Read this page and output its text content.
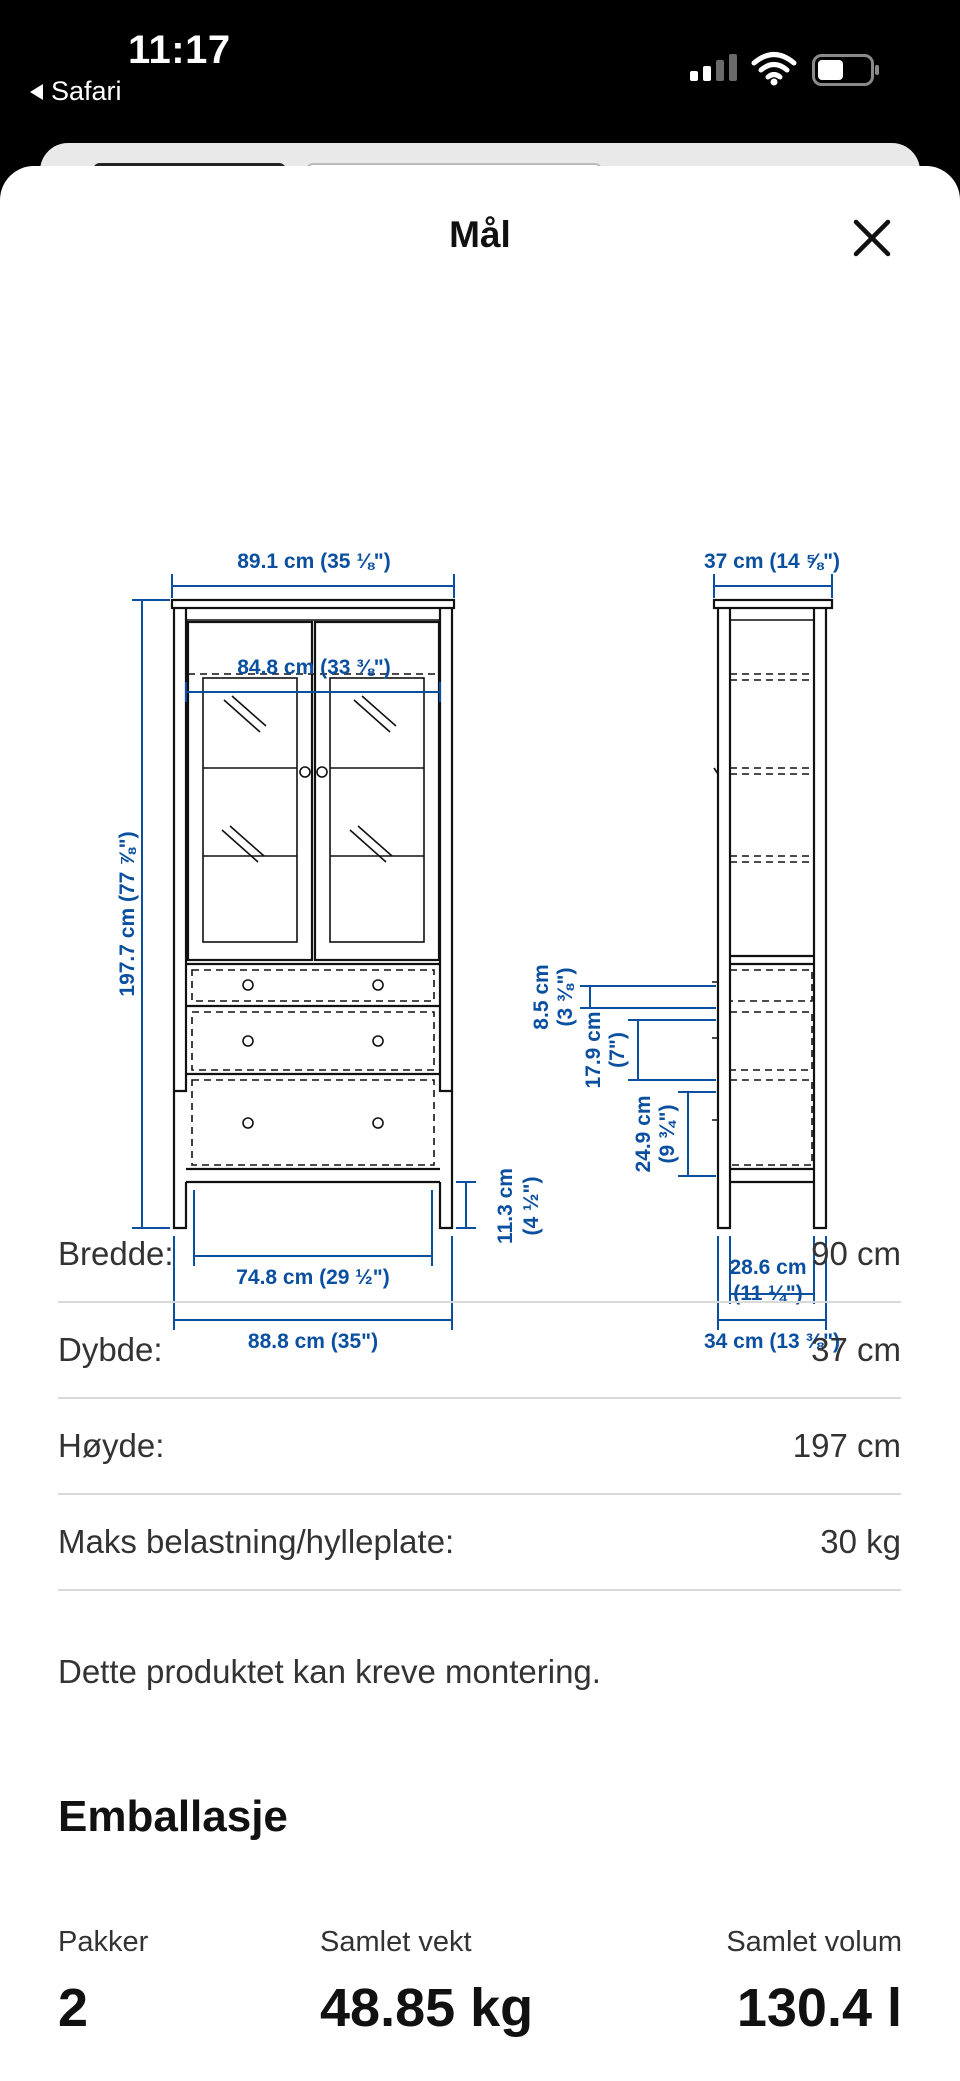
11:17
Safari
Mål
89.1 cm (35 ⅛")
84.8 cm (33 ⅜")
197.7 cm (77 ⅞")
11.3 cm (4 ½")
74.8 cm (29 ½")
88.8 cm (35")
37 cm (14 ⅝")
8.5 cm (3 ⅜")
17.9 cm (7")
24.9 cm (9 ¾")
28.6 cm
(11 ¼")
34 cm (13 ⅜")
Bredde:	90 cm
Dybde:	37 cm
Høyde:	197 cm
Maks belastning/hylleplate:	30 kg
Dette produktet kan kreve montering.
Emballasje
Pakker
2
Samlet vekt
48.85 kg
Samlet volum
130.4 l
